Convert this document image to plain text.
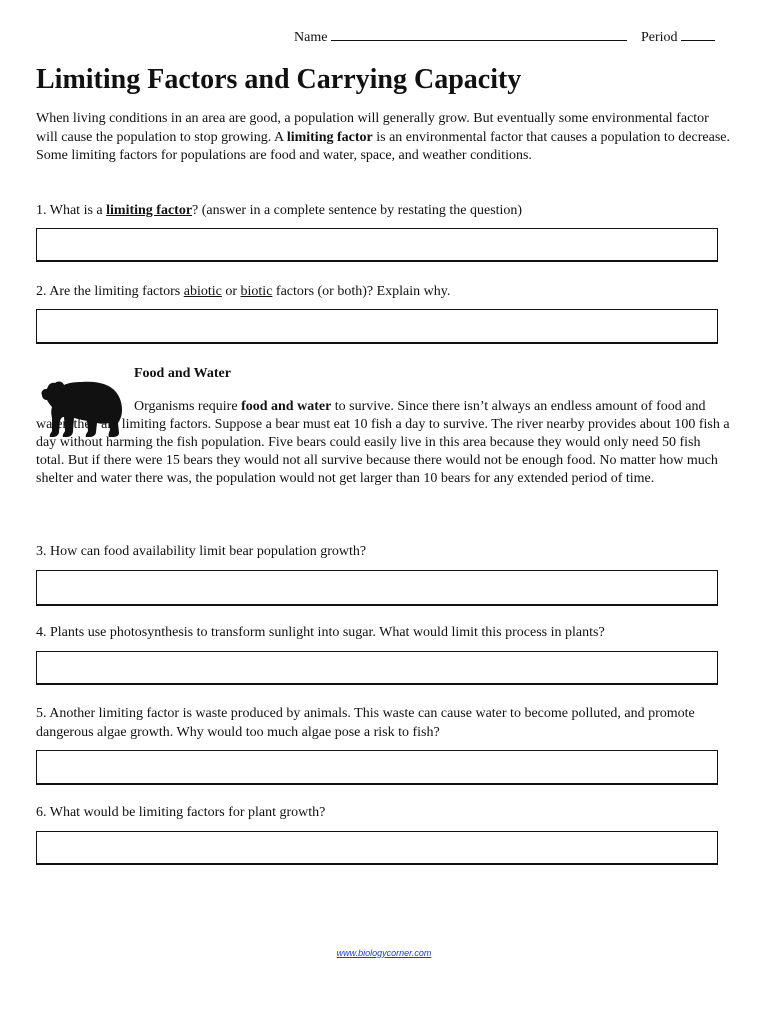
Name	Period
Limiting Factors and Carrying Capacity

When living conditions in an area are good, a population will generally grow. But eventually some environmental factor will cause the population to stop growing. A limiting factor is an environmental factor that causes a population to decrease. Some limiting factors for populations are food and water, space, and weather conditions.

1. What is a limiting factor? (answer in a complete sentence by restating the question)

2. Are the limiting factors abiotic or biotic factors (or both)? Explain why.

Food and Water

Organisms require food and water to survive. Since there isn’t always an endless amount of food and water, they are limiting factors. Suppose a bear must eat 10 fish a day to survive. The river nearby provides about 100 fish a day without harming the fish population. Five bears could easily live in this area because they would only need 50 fish total. But if there were 15 bears they would not all survive because there would not be enough food. No matter how much shelter and water there was, the population would not get larger than 10 bears for any extended period of time.

3. How can food availability limit bear population growth?

4. Plants use photosynthesis to transform sunlight into sugar. What would limit this process in plants?

5. Another limiting factor is waste produced by animals. This waste can cause water to become polluted, and promote dangerous algae growth. Why would too much algae pose a risk to fish?

6. What would be limiting factors for plant growth?

www.biologycorner.com
